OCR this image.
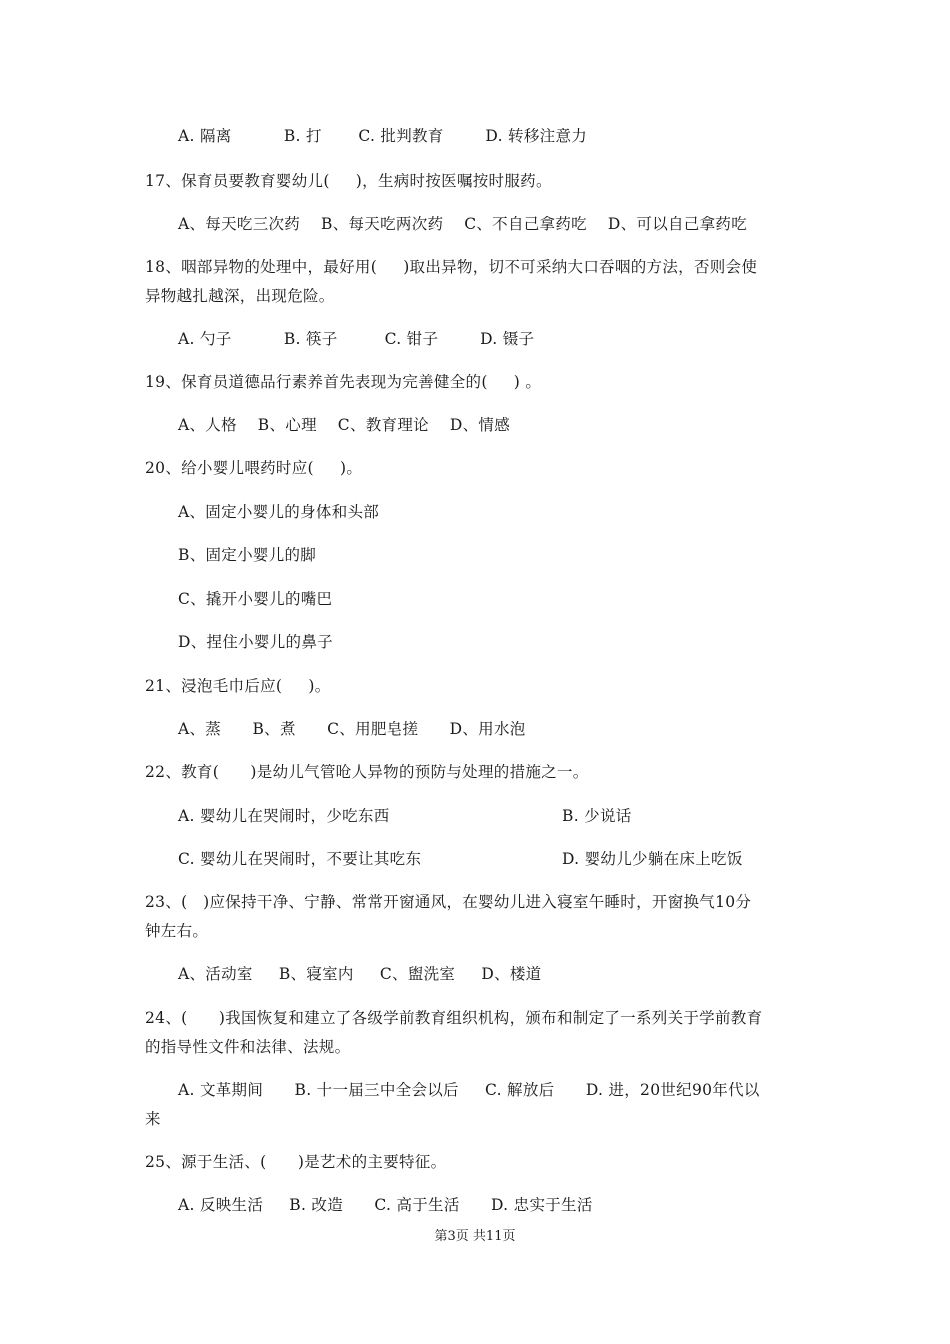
A. 隔离          B. 打       C. 批判教育        D. 转移注意力
17、保育员要教育婴幼儿(     )，生病时按医嘱按时服药。
A、每天吃三次药    B、每天吃两次药    C、不自己拿药吃    D、可以自己拿药吃
18、咽部异物的处理中，最好用(     )取出异物，切不可采纳大口吞咽的方法，否则会使
异物越扎越深，出现危险。
A. 勺子          B. 筷子         C. 钳子        D. 镊子
19、保育员道德品行素养首先表现为完善健全的(     ) 。
A、人格    B、心理    C、教育理论    D、情感
20、给小婴儿喂药时应(     )。
A、固定小婴儿的身体和头部
B、固定小婴儿的脚
C、撬开小婴儿的嘴巴
D、捏住小婴儿的鼻子
21、浸泡毛巾后应(     )。
A、蒸      B、煮      C、用肥皂搓      D、用水泡
22、教育(      )是幼儿气管呛人异物的预防与处理的措施之一。
A. 婴幼儿在哭闹时，少吃东西	B. 少说话
C. 婴幼儿在哭闹时，不要让其吃东	D. 婴幼儿少躺在床上吃饭
23、(   )应保持干净、宁静、常常开窗通风，在婴幼儿进入寝室午睡时，开窗换气10分
钟左右。
A、活动室     B、寝室内     C、盥洗室     D、楼道
24、(      )我国恢复和建立了各级学前教育组织机构，颁布和制定了一系列关于学前教育
的指导性文件和法律、法规。
A. 文革期间      B. 十一届三中全会以后     C. 解放后      D. 进，20世纪90年代以
来
25、源于生活、(      )是艺术的主要特征。
A. 反映生活     B. 改造      C. 高于生活      D. 忠实于生活
第3页 共11页
